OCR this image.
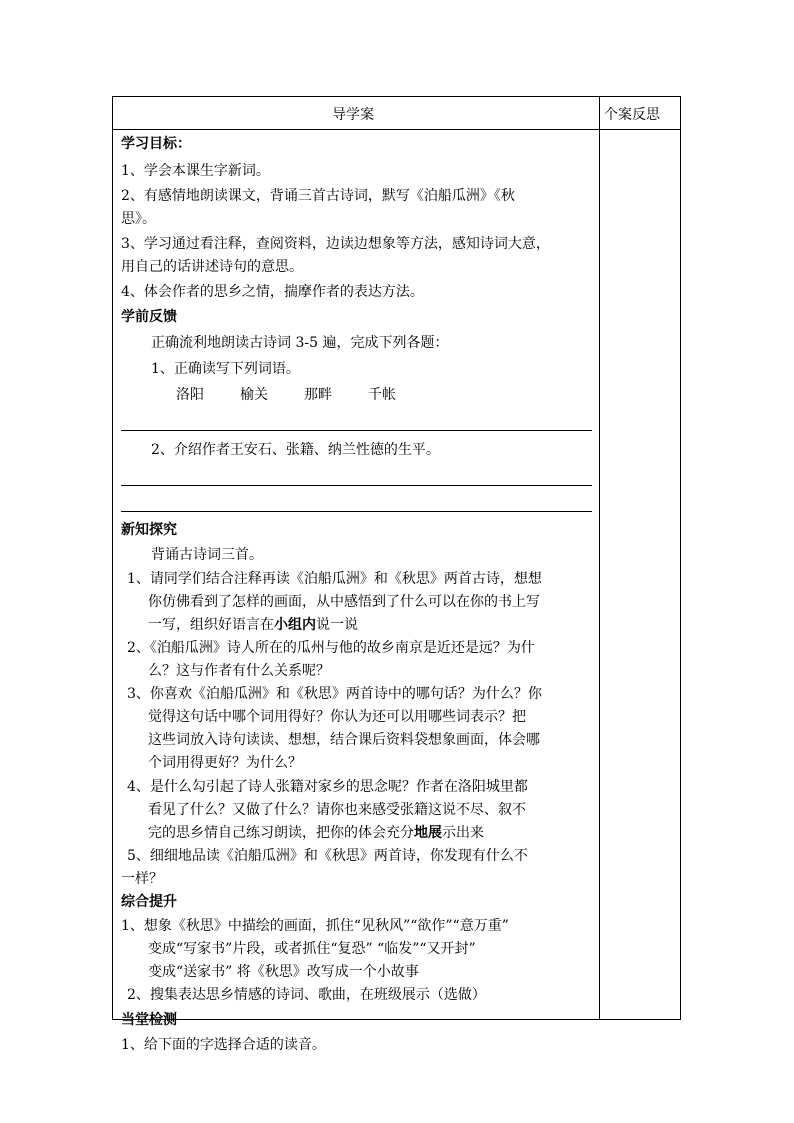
导学案	个案反思
学习目标：
1、学会本课生字新词。
2、有感情地朗读课文，背诵三首古诗词，默写《泊船瓜洲》《秋
思》。
3、学习通过看注释，查阅资料，边读边想象等方法，感知诗词大意，
用自己的话讲述诗句的意思。
4、体会作者的思乡之情，揣摩作者的表达方法。
学前反馈
正确流利地朗读古诗词 3-5 遍，完成下列各题：
1、正确读写下列词语。
洛阳	榆关	那畔	千帐
2、介绍作者王安石、张籍、纳兰性德的生平。
新知探究
背诵古诗词三首。
1、请同学们结合注释再读《泊船瓜洲》和《秋思》两首古诗，想想
你仿佛看到了怎样的画面，从中感悟到了什么可以在你的书上写
一写，组织好语言在小组内说一说
2、《泊船瓜洲》诗人所在的瓜州与他的故乡南京是近还是远？为什
么？这与作者有什么关系呢？
3、你喜欢《泊船瓜洲》和《秋思》两首诗中的哪句话？为什么？你
觉得这句话中哪个词用得好？你认为还可以用哪些词表示？把
这些词放入诗句读读、想想，结合课后资料袋想象画面，体会哪
个词用得更好？为什么？
4、是什么勾引起了诗人张籍对家乡的思念呢？作者在洛阳城里都
看见了什么？又做了什么？请你也来感受张籍这说不尽、叙不
完的思乡情自己练习朗读，把你的体会充分地展示出来
5、细细地品读《泊船瓜洲》和《秋思》两首诗，你发现有什么不
一样？
综合提升
1、想象《秋思》中描绘的画面，抓住“见秋风”“欲作”“意万重”
变成“写家书”片段，或者抓住“复恐” “临发”“又开封”
变成“送家书” 将《秋思》改写成一个小故事
2、搜集表达思乡情感的诗词、歌曲，在班级展示（选做）
当堂检测
1、给下面的字选择合适的读音。
